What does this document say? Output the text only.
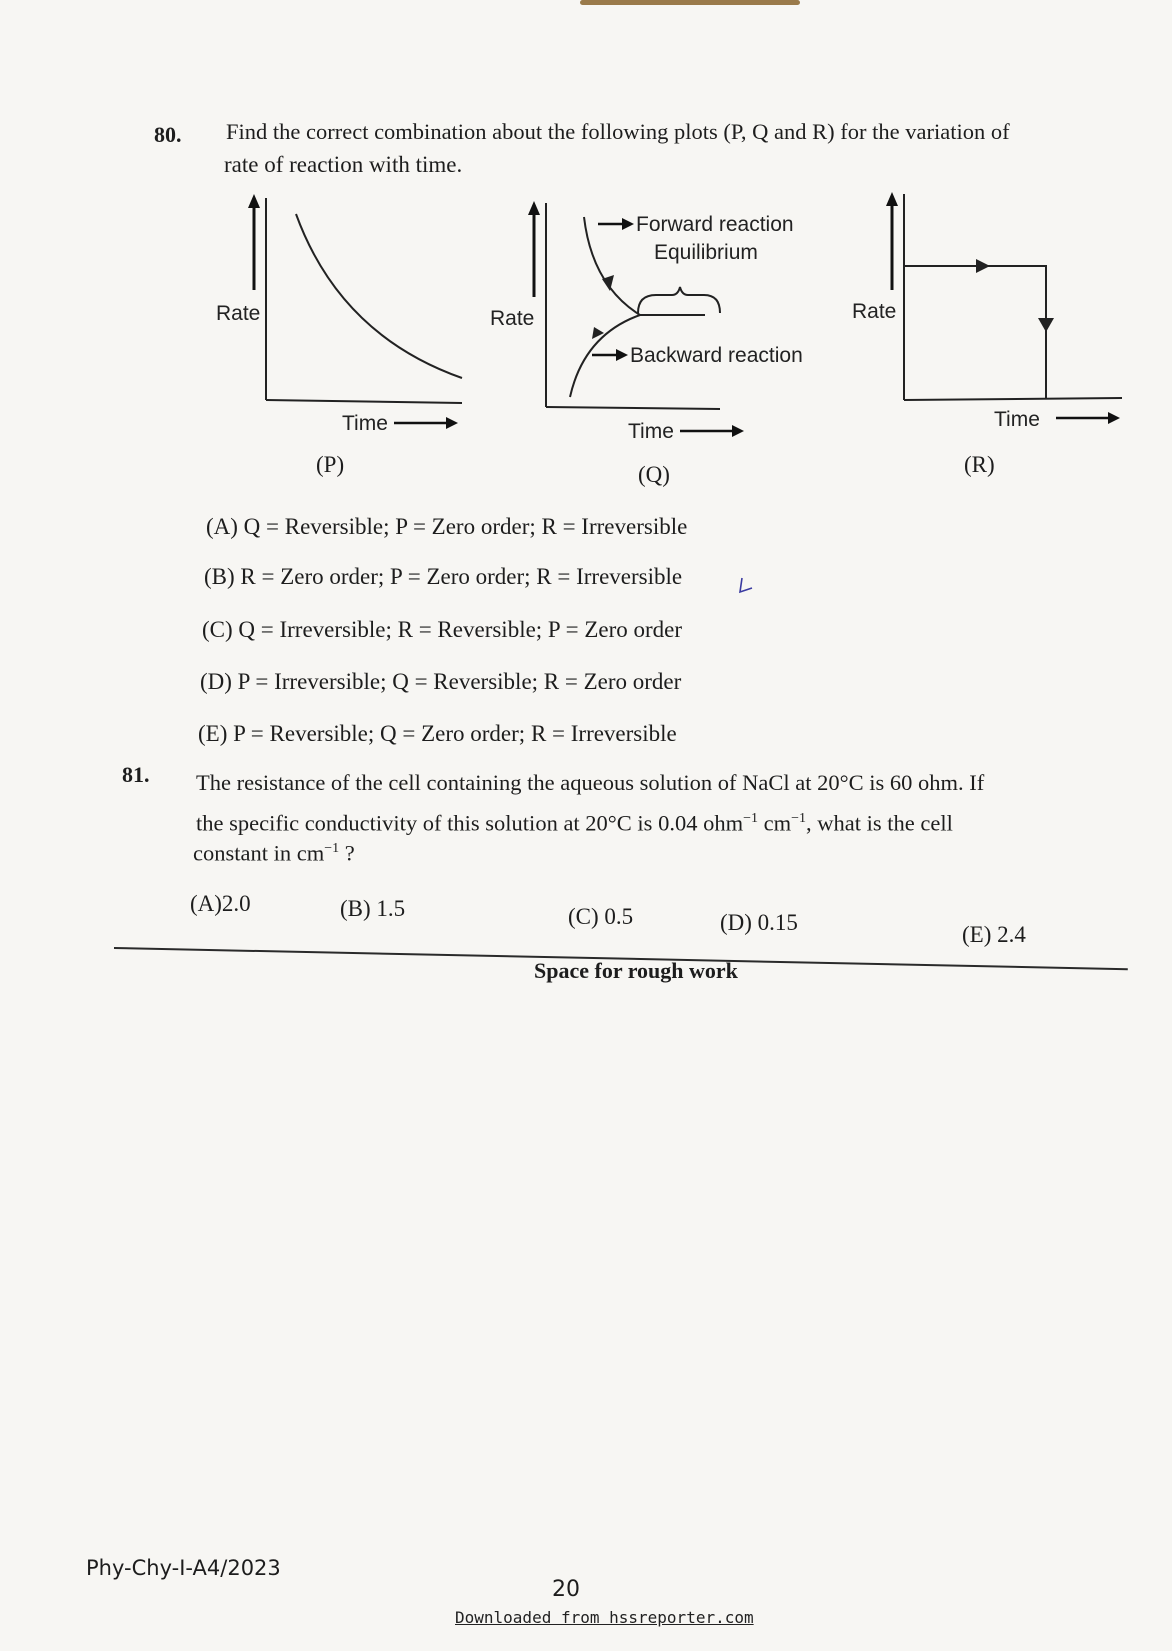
80. Find the correct combination about the following plots (P, Q and R) for the variation of
rate of reaction with time.
Rate
Time
(P)
Forward reaction
Equilibrium
Backward reaction
Rate
Time
(Q)
Rate
Time
(R)
(A) Q = Reversible; P = Zero order; R = Irreversible
(B) R = Zero order; P = Zero order; R = Irreversible
(C) Q = Irreversible; R = Reversible; P = Zero order
(D) P = Irreversible; Q = Reversible; R = Zero order
(E) P = Reversible; Q = Zero order; R = Irreversible
81. The resistance of the cell containing the aqueous solution of NaCl at 20°C is 60 ohm. If
the specific conductivity of this solution at 20°C is 0.04 ohm$^{-1}$ $cm^{-1}$, what is the cell
constant in $cm^{-1}$ ?
(A)2.0	(B) 1.5	(C) 0.5	(D) 0.15	(E) 2.4
Space for rough work
Phy-Chy-I-A4/2023
20
Downloaded from hssreporter.com
